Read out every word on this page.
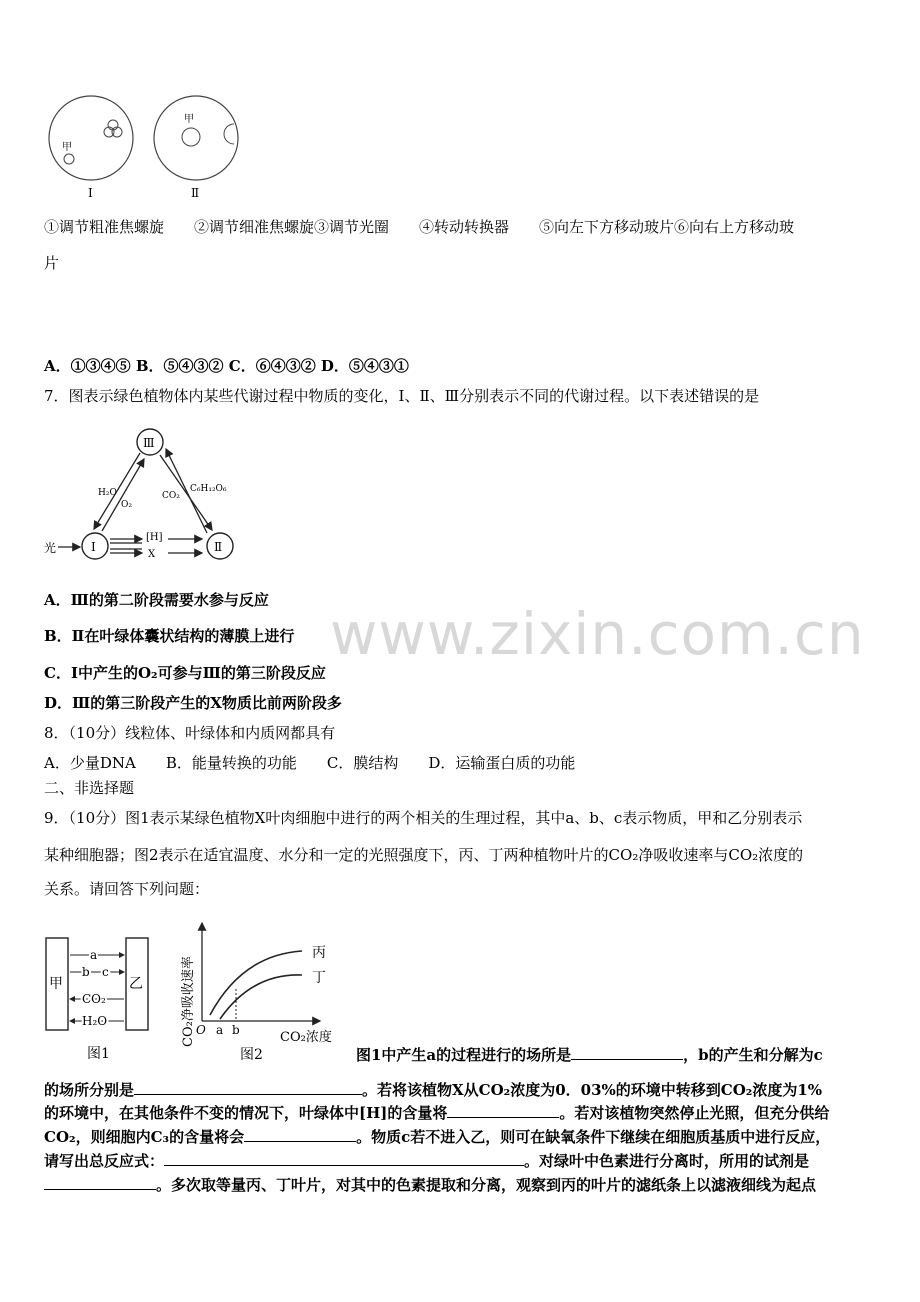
甲
甲
Ⅰ	Ⅱ
①调节粗准焦螺旋　　②调节细准焦螺旋③调节光圈　　④转动转换器　　⑤向左下方移动玻片⑥向右上方移动玻
片
A．①③④⑤ B．⑤④③② C．⑥④③② D．⑤④③①
7．图表示绿色植物体内某些代谢过程中物质的变化，Ⅰ、Ⅱ、Ⅲ分别表示不同的代谢过程。以下表述错误的是
Ⅲ
Ⅰ	Ⅱ
光
H₂O
O₂
CO₂
C₆H₁₂O₆
[H]
X
A．Ⅲ的第二阶段需要水参与反应
B．Ⅱ在叶绿体囊状结构的薄膜上进行
C．Ⅰ中产生的O₂可参与Ⅲ的第三阶段反应
D．Ⅲ的第三阶段产生的X物质比前两阶段多
8．（10分）线粒体、叶绿体和内质网都具有
A．少量DNA　　B．能量转换的功能　　C．膜结构　　D．运输蛋白质的功能
二、非选择题
9．（10分）图1表示某绿色植物X叶肉细胞中进行的两个相关的生理过程，其中a、b、c表示物质，甲和乙分别表示
某种细胞器；图2表示在适宜温度、水分和一定的光照强度下，丙、丁两种植物叶片的CO₂净吸收速率与CO₂浓度的
关系。请回答下列问题：
甲	乙
a
b c
CO₂
H₂O
图1
CO₂净吸收速率
丙
丁
O a b	CO₂浓度
图2	图1中产生a的过程进行的场所是	，b的产生和分解为c
的场所分别是	。若将该植物X从CO₂浓度为0．03%的环境中转移到CO₂浓度为1%
的环境中，在其他条件不变的情况下，叶绿体中[H]的含量将	。若对该植物突然停止光照，但充分供给
CO₂，则细胞内C₃的含量将会	。物质c若不进入乙，则可在缺氧条件下继续在细胞质基质中进行反应，
请写出总反应式：	。对绿叶中色素进行分离时，所用的试剂是
。多次取等量丙、丁叶片，对其中的色素提取和分离，观察到丙的叶片的滤纸条上以滤液细线为起点
www.zixin.com.cn
